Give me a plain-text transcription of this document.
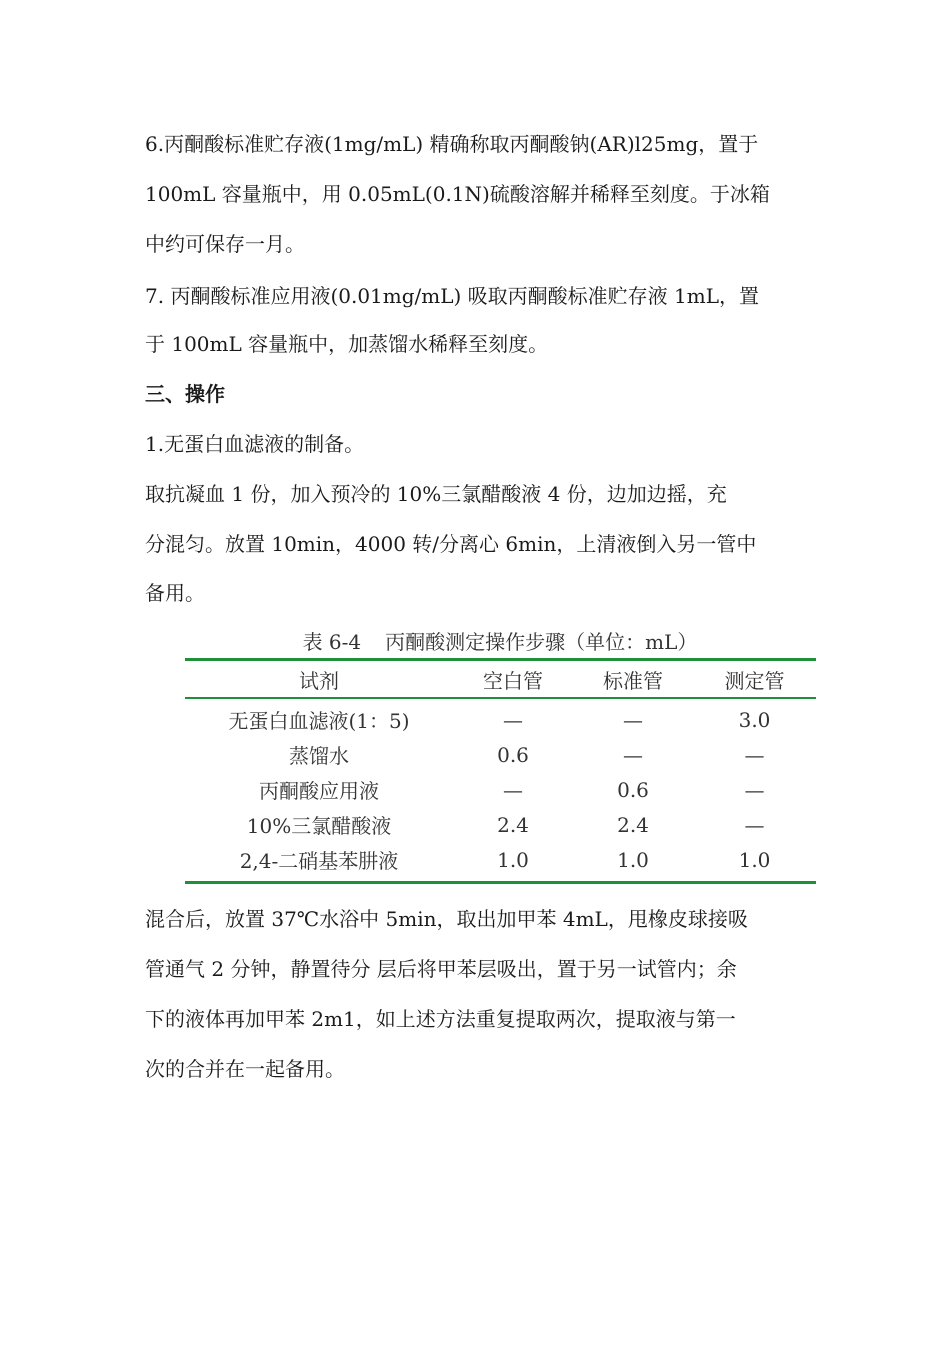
6.丙酮酸标准贮存液(1mg/mL) 精确称取丙酮酸钠(AR)l25mg，置于
100mL 容量瓶中，用 0.05mL(0.1N)硫酸溶解并稀释至刻度。于冰箱
中约可保存一月。
7. 丙酮酸标准应用液(0.01mg/mL) 吸取丙酮酸标准贮存液 1mL，置
于 100mL 容量瓶中，加蒸馏水稀释至刻度。
三、操作
1.无蛋白血滤液的制备。
取抗凝血 1 份，加入预冷的 10%三氯醋酸液 4 份，边加边摇，充
分混匀。放置 10min，4000 转/分离心 6min，上清液倒入另一管中
备用。
表 6-4 丙酮酸测定操作步骤（单位：mL）
试剂	空白管	标准管	测定管
无蛋白血滤液(1：5)	—	—	3.0
蒸馏水	0.6	—	—
丙酮酸应用液	—	0.6	—
10%三氯醋酸液	2.4	2.4	—
2,4-二硝基苯肼液	1.0	1.0	1.0
混合后，放置 37℃水浴中 5min，取出加甲苯 4mL，甩橡皮球接吸
管通气 2 分钟，静置待分 层后将甲苯层吸出，置于另一试管内；余
下的液体再加甲苯 2m1，如上述方法重复提取两次，提取液与第一
次的合并在一起备用。
